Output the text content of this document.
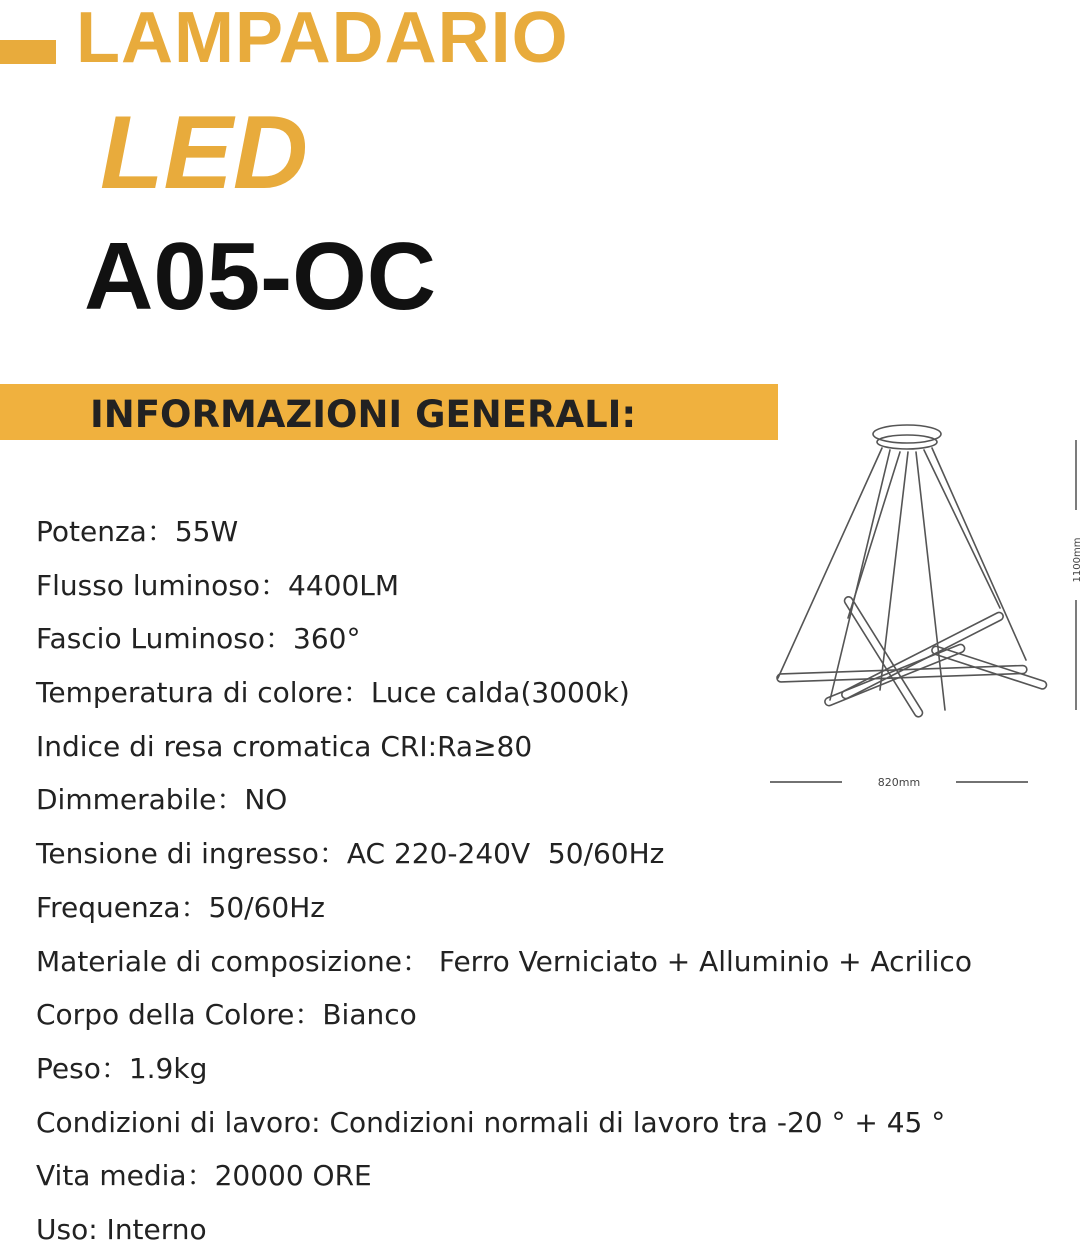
LAMPADARIO
LED
A05-OC
INFORMAZIONI GENERALI:
Potenza：55W
Flusso luminoso：4400LM
Fascio Luminoso：360°
Temperatura di colore：Luce calda(3000k)
Indice di resa cromatica CRI:Ra≥80
Dimmerabile：NO
Tensione di ingresso：AC 220-240V  50/60Hz
Frequenza：50/60Hz
Materiale di composizione： Ferro Verniciato + Alluminio + Acrilico
Corpo della Colore：Bianco
Peso：1.9kg
Condizioni di lavoro: Condizioni normali di lavoro tra -20 ° + 45 °
Vita media：20000 ORE
Uso: Interno
1100mm
820mm
